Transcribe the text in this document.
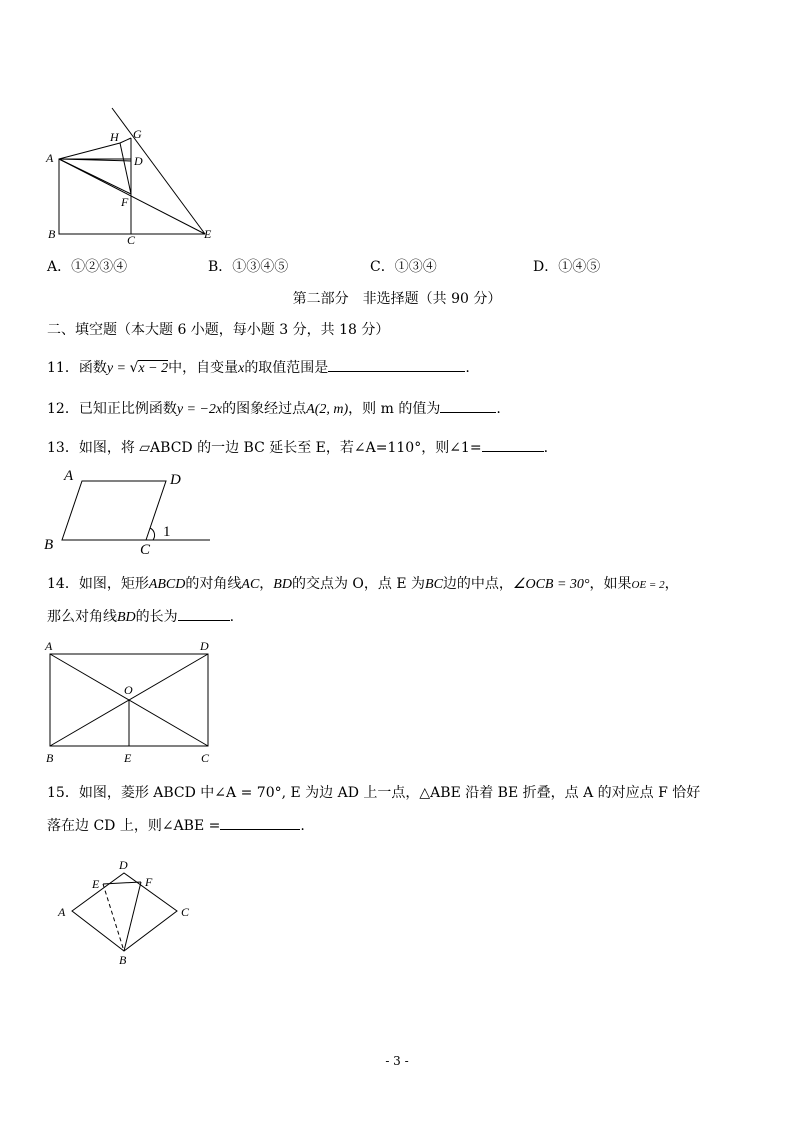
A
B	C
D
E
F
G
H
A．①②③④	B．①③④⑤	C．①③④	D．①④⑤
第二部分　非选择题（共 90 分）
二、填空题（本大题 6 小题，每小题 3 分，共 18 分）
11．函数y = √x − 2中，自变量x的取值范围是	.
12．已知正比例函数y = −2x的图象经过点A(2, m)，则 m 的值为	.
13．如图，将 ▱ABCD 的一边 BC 延长至 E，若∠A=110°，则∠1=	.
A
B	C
D
1
14．如图，矩形ABCD的对角线AC，BD的交点为 O，点 E 为BC边的中点，∠OCB = 30°，如果OE = 2，
那么对角线BD的长为	.
A	D
O
B	E	C
15．如图，菱形 ABCD 中∠A = 70°, E 为边 AD 上一点，△ABE 沿着 BE 折叠，点 A 的对应点 F 恰好
落在边 CD 上，则∠ABE =	.
A
D
E	F
C
B
- 3 -
